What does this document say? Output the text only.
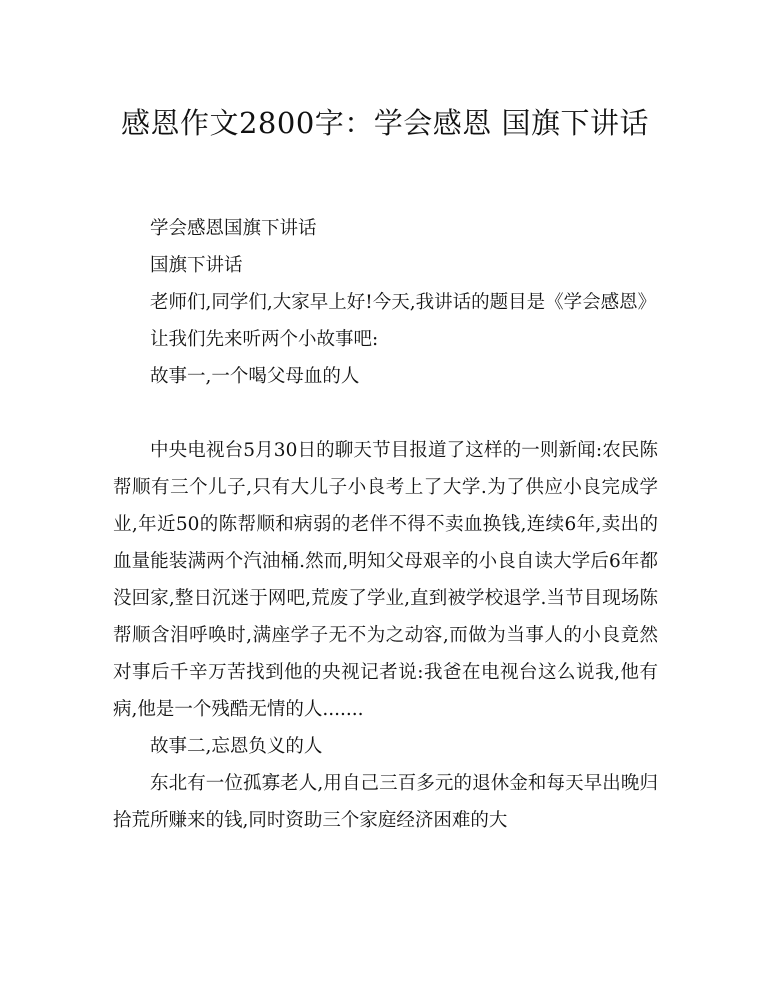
感恩作文2800字：学会感恩 国旗下讲话

学会感恩国旗下讲话

国旗下讲话

老师们,同学们,大家早上好!今天,我讲话的题目是《学会感恩》

让我们先来听两个小故事吧:

故事一,一个喝父母血的人

中央电视台5月30日的聊天节目报道了这样的一则新闻:农民陈帮顺有三个儿子,只有大儿子小良考上了大学.为了供应小良完成学业,年近50的陈帮顺和病弱的老伴不得不卖血换钱,连续6年,卖出的血量能装满两个汽油桶.然而,明知父母艰辛的小良自读大学后6年都没回家,整日沉迷于网吧,荒废了学业,直到被学校退学.当节目现场陈帮顺含泪呼唤时,满座学子无不为之动容,而做为当事人的小良竟然对事后千辛万苦找到他的央视记者说:我爸在电视台这么说我,他有病,他是一个残酷无情的人.......

故事二,忘恩负义的人

东北有一位孤寡老人,用自己三百多元的退休金和每天早出晚归拾荒所赚来的钱,同时资助三个家庭经济困难的大
